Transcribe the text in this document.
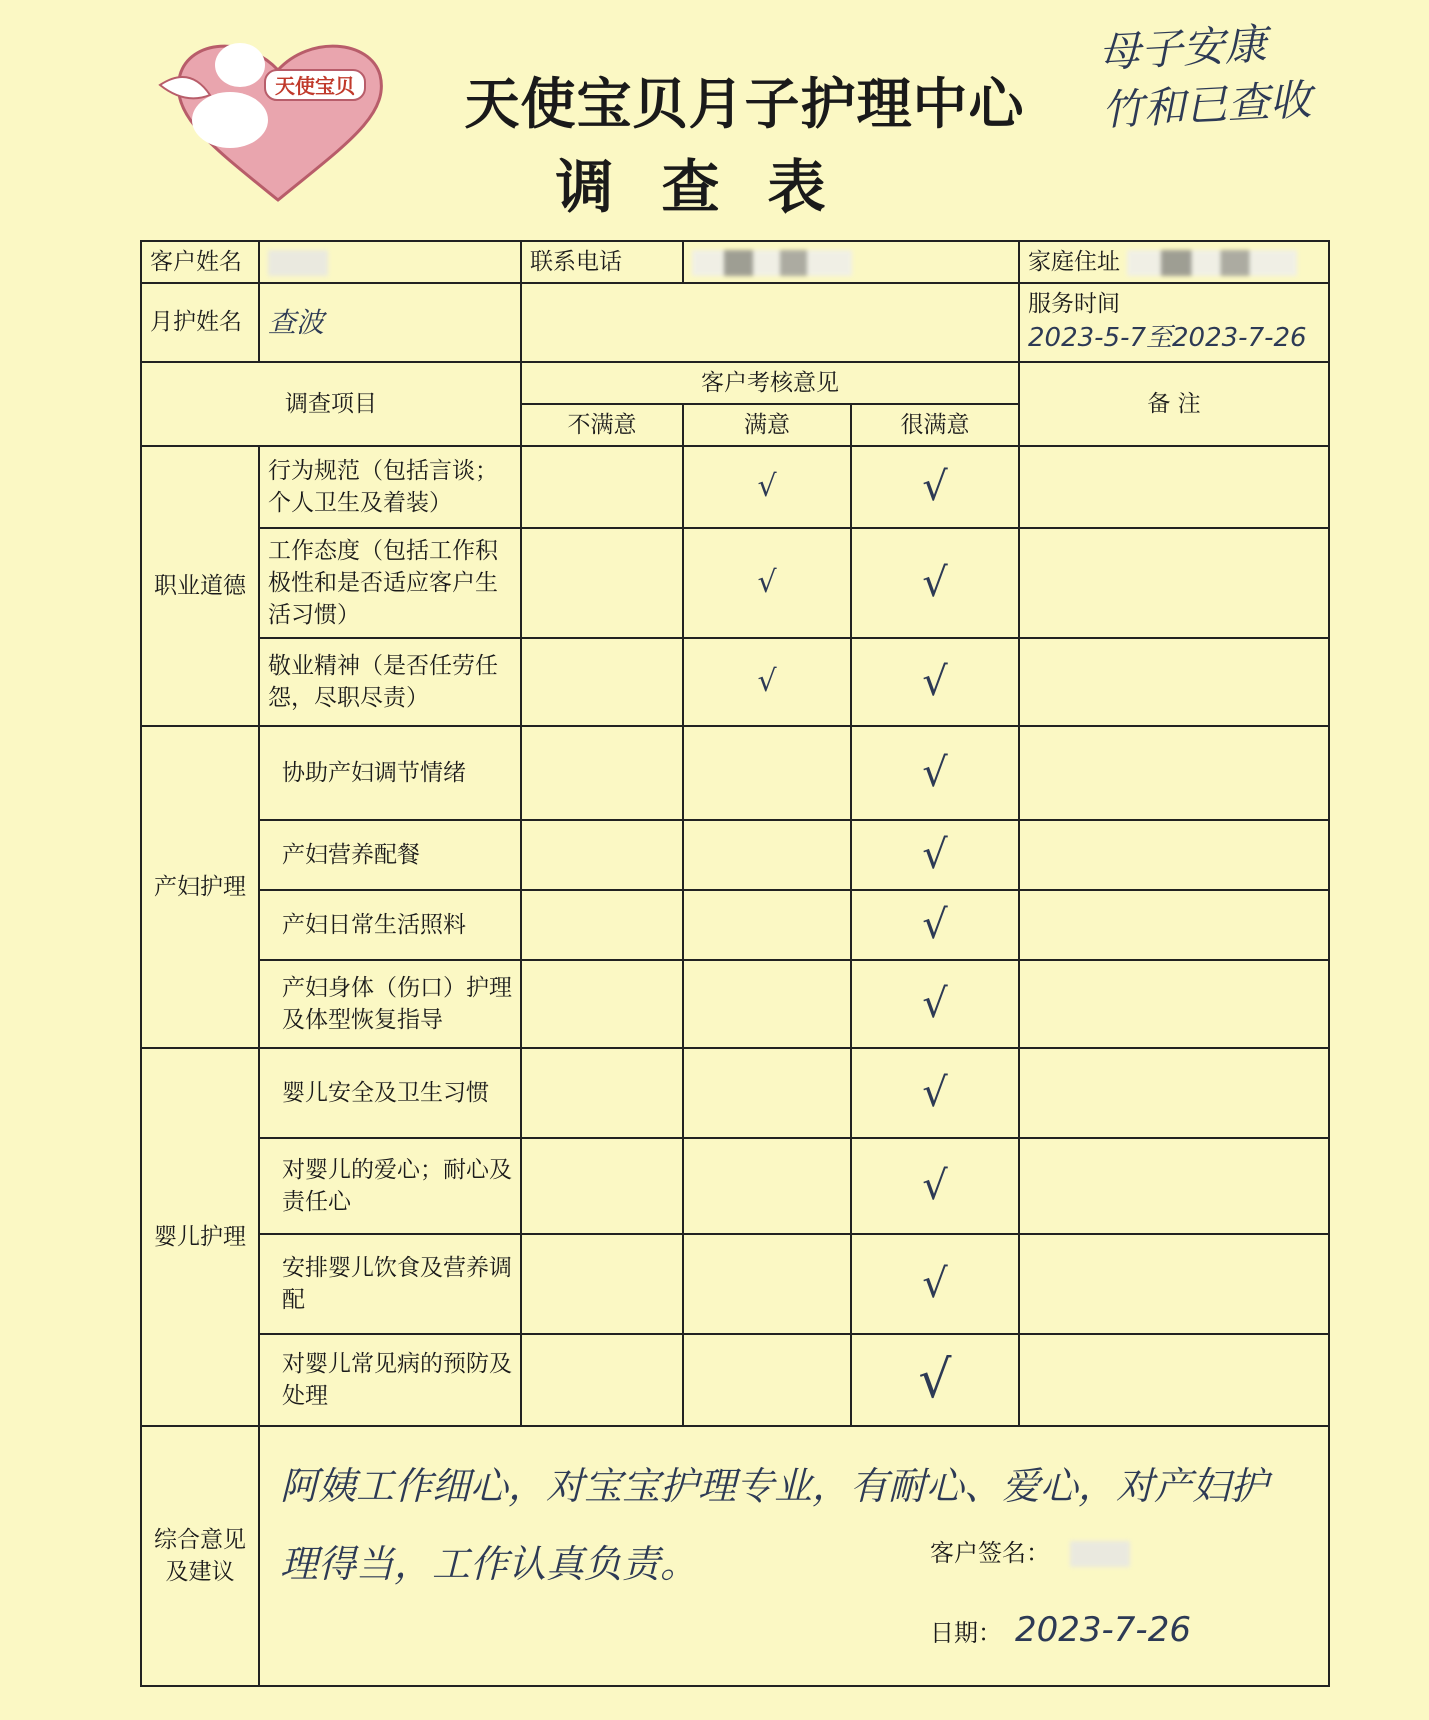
天使宝贝	天使宝贝月子护理中心
调查表
母子安康
竹和已查收
客户姓名		联系电话			家庭住址
月护姓名	查波				服务时间 2023-5-7至2023-7-26
调查项目		客户考核意见			备 注
		不满意	满意	很满意	
职业道德	行为规范（包括言谈；个人卫生及着装）		√	√	
	工作态度（包括工作积极性和是否适应客户生活习惯）		√	√	
	敬业精神（是否任劳任怨，尽职尽责）		√	√	
产妇护理	协助产妇调节情绪			√	
	产妇营养配餐			√	
	产妇日常生活照料			√	
	产妇身体（伤口）护理及体型恢复指导			√	
婴儿护理	婴儿安全及卫生习惯			√	
	对婴儿的爱心；耐心及责任心			√	
	安排婴儿饮食及营养调配			√	
	对婴儿常见病的预防及处理			√	
综合意见及建议	阿姨工作细心，对宝宝护理专业，有耐心、爱心，对产妇护理得当，工作认真负责。 客户签名：
日期： 2023-7-26				
